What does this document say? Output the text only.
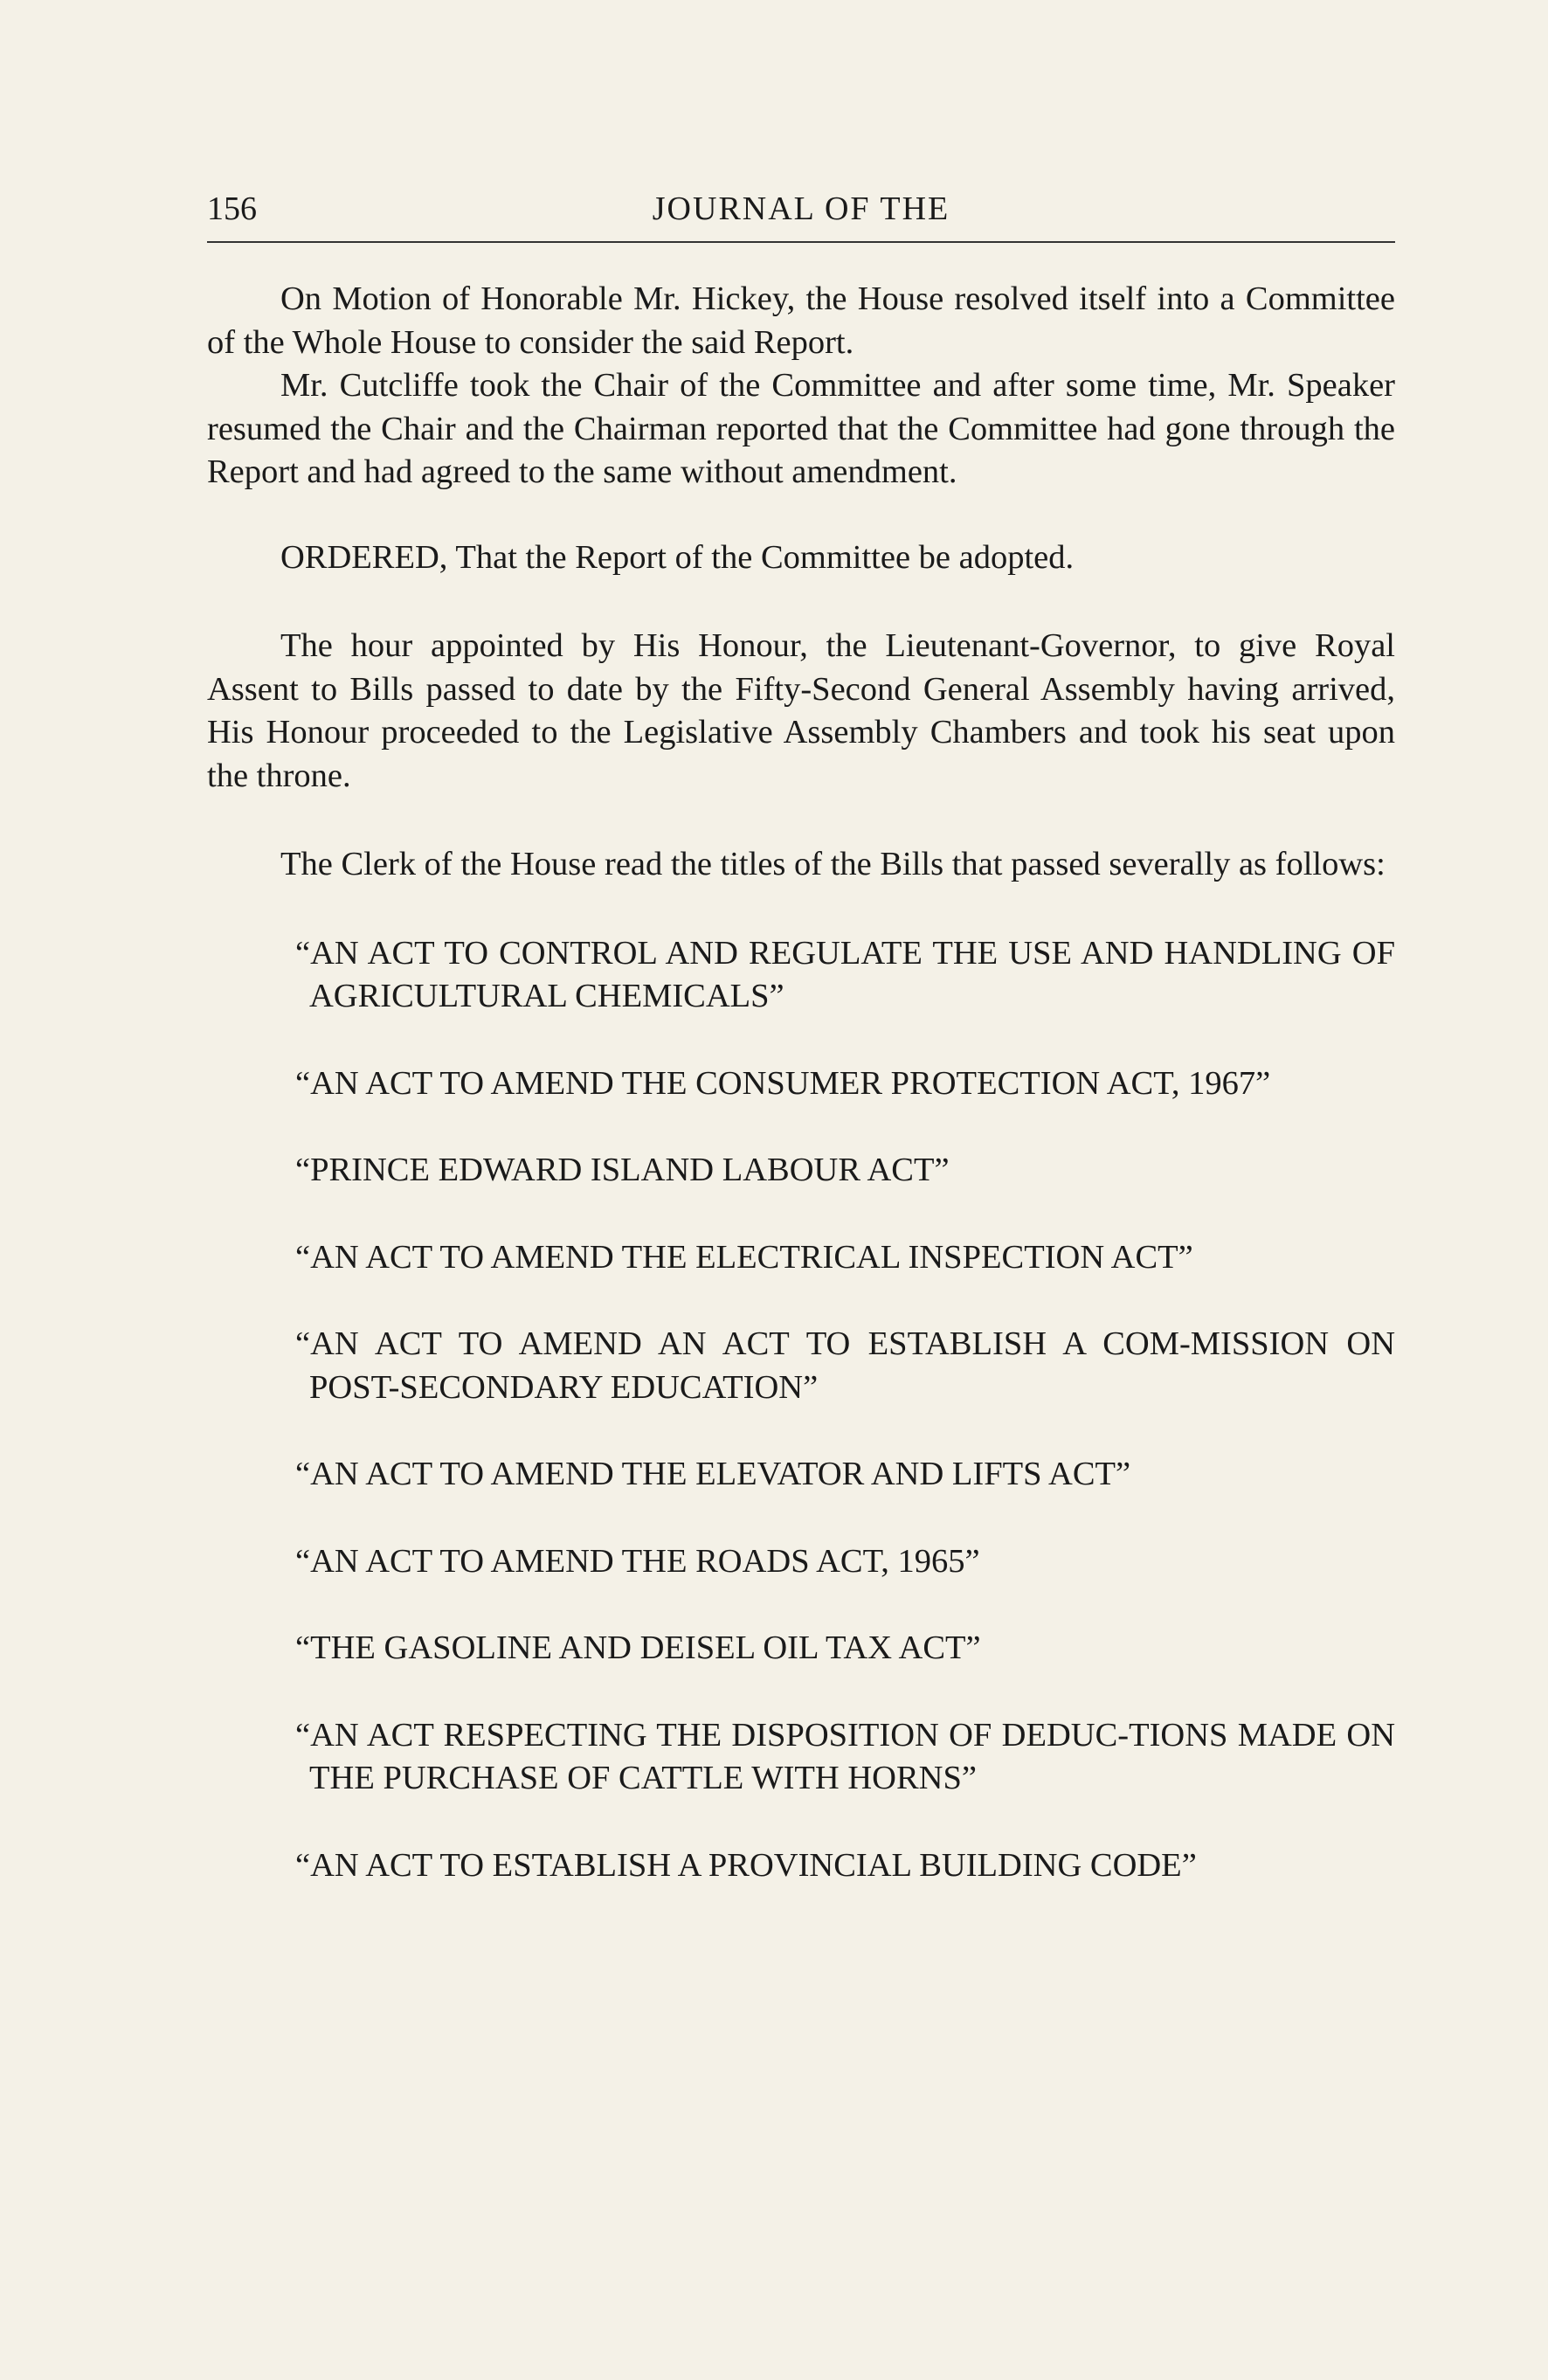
156	JOURNAL OF THE

On Motion of Honorable Mr. Hickey, the House resolved itself into a Committee of the Whole House to consider the said Report.

Mr. Cutcliffe took the Chair of the Committee and after some time, Mr. Speaker resumed the Chair and the Chairman reported that the Committee had gone through the Report and had agreed to the same without amendment.

ORDERED, That the Report of the Committee be adopted.

The hour appointed by His Honour, the Lieutenant-Governor, to give Royal Assent to Bills passed to date by the Fifty-Second General Assembly having arrived, His Honour proceeded to the Legislative Assembly Chambers and took his seat upon the throne.

The Clerk of the House read the titles of the Bills that passed severally as follows:

“AN ACT TO CONTROL AND REGULATE THE USE AND HANDLING OF AGRICULTURAL CHEMICALS”
“AN ACT TO AMEND THE CONSUMER PROTECTION ACT, 1967”
“PRINCE EDWARD ISLAND LABOUR ACT”
“AN ACT TO AMEND THE ELECTRICAL INSPECTION ACT”
“AN ACT TO AMEND AN ACT TO ESTABLISH A COM-MISSION ON POST-SECONDARY EDUCATION”
“AN ACT TO AMEND THE ELEVATOR AND LIFTS ACT”
“AN ACT TO AMEND THE ROADS ACT, 1965”
“THE GASOLINE AND DEISEL OIL TAX ACT”
“AN ACT RESPECTING THE DISPOSITION OF DEDUC-TIONS MADE ON THE PURCHASE OF CATTLE WITH HORNS”
“AN ACT TO ESTABLISH A PROVINCIAL BUILDING CODE”
